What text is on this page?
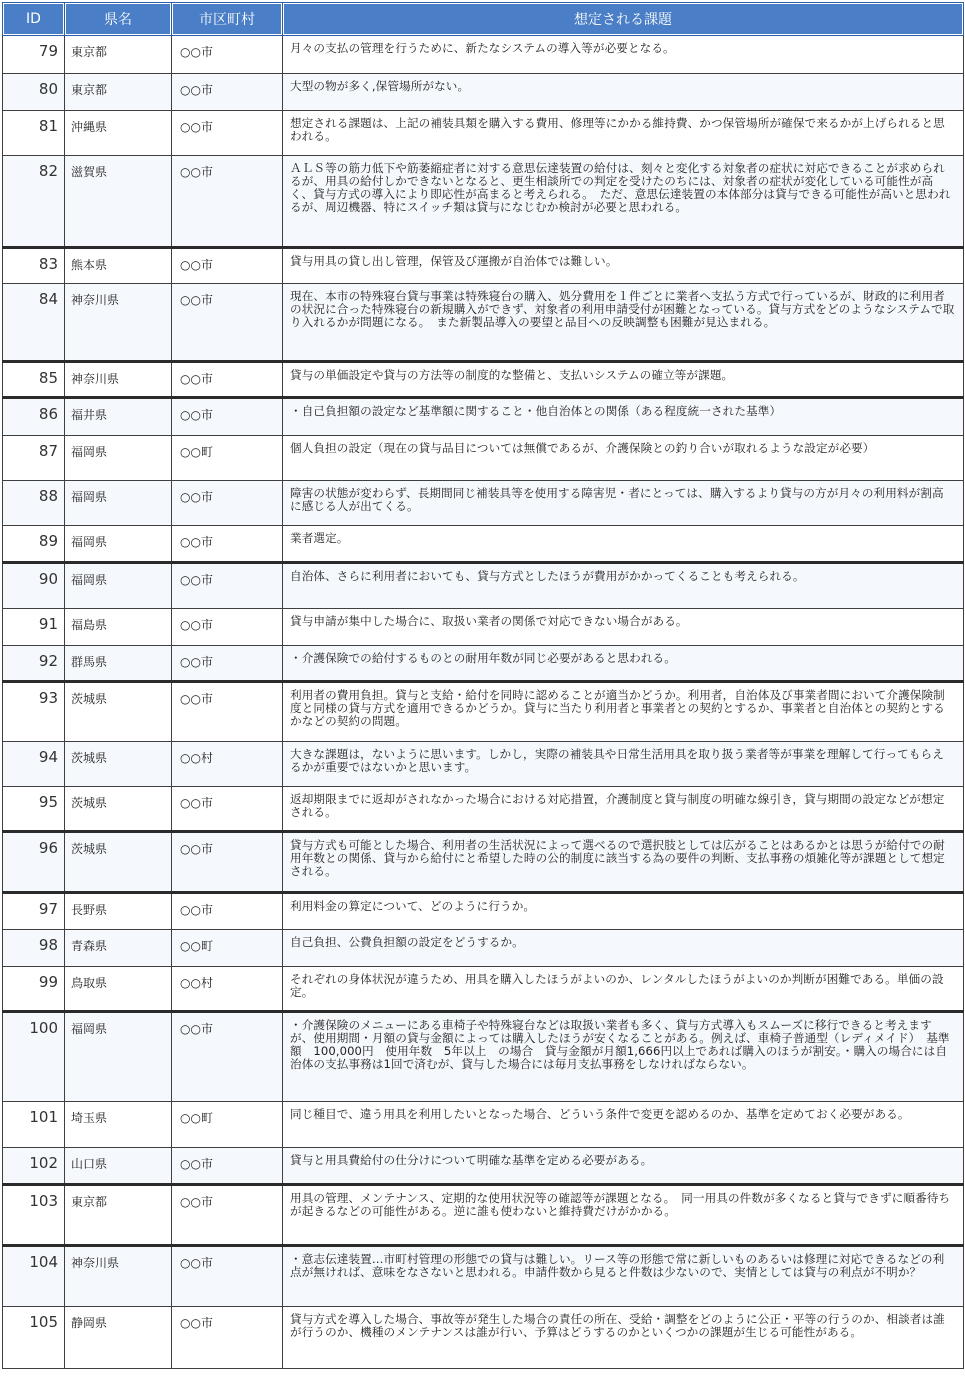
ID	県名	市区町村	想定される課題
79	東京都	○○市	月々の支払の管理を行うために、新たなシステムの導入等が必要となる。
80	東京都	○○市	大型の物が多く,保管場所がない。
81	沖縄県	○○市	想定される課題は、上記の補装具類を購入する費用、修理等にかかる維持費、かつ保管場所が確保で来るかが上げられると思われる。
82	滋賀県	○○市	ＡＬＳ等の筋力低下や筋萎縮症者に対する意思伝達装置の給付は、刻々と変化する対象者の症状に対応できることが求められるが、用具の給付しかできないとなると、更生相談所での判定を受けたのちには、対象者の症状が変化している可能性が高く、貸与方式の導入により即応性が高まると考えられる。　ただ、意思伝達装置の本体部分は貸与できる可能性が高いと思われるが、周辺機器、特にスイッチ類は貸与になじむか検討が必要と思われる。
83	熊本県	○○市	貸与用具の貸し出し管理，保管及び運搬が自治体では難しい。
84	神奈川県	○○市	現在、本市の特殊寝台貸与事業は特殊寝台の購入、処分費用を１件ごとに業者へ支払う方式で行っているが、財政的に利用者の状況に合った特殊寝台の新規購入ができず、対象者の利用申請受付が困難となっている。貸与方式をどのようなシステムで取り入れるかが問題になる。　また新製品導入の要望と品目への反映調整も困難が見込まれる。
85	神奈川県	○○市	貸与の単価設定や貸与の方法等の制度的な整備と、支払いシステムの確立等が課題。
86	福井県	○○市	・自己負担額の設定など基準額に関すること・他自治体との関係（ある程度統一された基準）
87	福岡県	○○町	個人負担の設定（現在の貸与品目については無償であるが、介護保険との釣り合いが取れるような設定が必要）
88	福岡県	○○市	障害の状態が変わらず、長期間同じ補装具等を使用する障害児・者にとっては、購入するより貸与の方が月々の利用料が割高に感じる人が出てくる。
89	福岡県	○○市	業者選定。
90	福岡県	○○市	自治体、さらに利用者においても、貸与方式としたほうが費用がかかってくることも考えられる。
91	福島県	○○市	貸与申請が集中した場合に、取扱い業者の関係で対応できない場合がある。
92	群馬県	○○市	・介護保険での給付するものとの耐用年数が同じ必要があると思われる。
93	茨城県	○○市	利用者の費用負担。貸与と支給・給付を同時に認めることが適当かどうか。利用者，自治体及び事業者間において介護保険制度と同様の貸与方式を適用できるかどうか。貸与に当たり利用者と事業者との契約とするか、事業者と自治体との契約とするかなどの契約の問題。
94	茨城県	○○村	大きな課題は，ないように思います。しかし，実際の補装具や日常生活用具を取り扱う業者等が事業を理解して行ってもらえるかが重要ではないかと思います。
95	茨城県	○○市	返却期限までに返却がされなかった場合における対応措置，介護制度と貸与制度の明確な線引き，貸与期間の設定などが想定される。
96	茨城県	○○市	貸与方式も可能とした場合、利用者の生活状況によって選べるので選択肢としては広がることはあるかとは思うが給付での耐用年数との関係、貸与から給付にと希望した時の公的制度に該当する為の要件の判断、支払事務の煩雑化等が課題として想定される。
97	長野県	○○市	利用料金の算定について、どのように行うか。
98	青森県	○○町	自己負担、公費負担額の設定をどうするか。
99	鳥取県	○○村	それぞれの身体状況が違うため、用具を購入したほうがよいのか、レンタルしたほうがよいのか判断が困難である。単価の設定。
100	福岡県	○○市	・介護保険のメニューにある車椅子や特殊寝台などは取扱い業者も多く、貸与方式導入もスムーズに移行できると考えますが、使用期間・月額の貸与金額によっては購入したほうが安くなることがある。例えば、車椅子普通型（レディメイド）　基準額　100,000円　使用年数　5年以上　の場合　貸与金額が月額1,666円以上であれば購入のほうが割安。・購入の場合には自治体の支払事務は1回で済むが、貸与した場合には毎月支払事務をしなければならない。
101	埼玉県	○○町	同じ種目で、違う用具を利用したいとなった場合、どういう条件で変更を認めるのか、基準を定めておく必要がある。
102	山口県	○○市	貸与と用具費給付の仕分けについて明確な基準を定める必要がある。
103	東京都	○○市	用具の管理、メンテナンス、定期的な使用状況等の確認等が課題となる。　同一用具の件数が多くなると貸与できずに順番待ちが起きるなどの可能性がある。逆に誰も使わないと維持費だけがかかる。
104	神奈川県	○○市	・意志伝達装置…市町村管理の形態での貸与は難しい。リース等の形態で常に新しいものあるいは修理に対応できるなどの利点が無ければ、意味をなさないと思われる。申請件数から見ると件数は少ないので、実情としては貸与の利点が不明か？
105	静岡県	○○市	貸与方式を導入した場合、事故等が発生した場合の責任の所在、受給・調整をどのように公正・平等の行うのか、相談者は誰が行うのか、機種のメンテナンスは誰が行い、予算はどうするのかといくつかの課題が生じる可能性がある。
